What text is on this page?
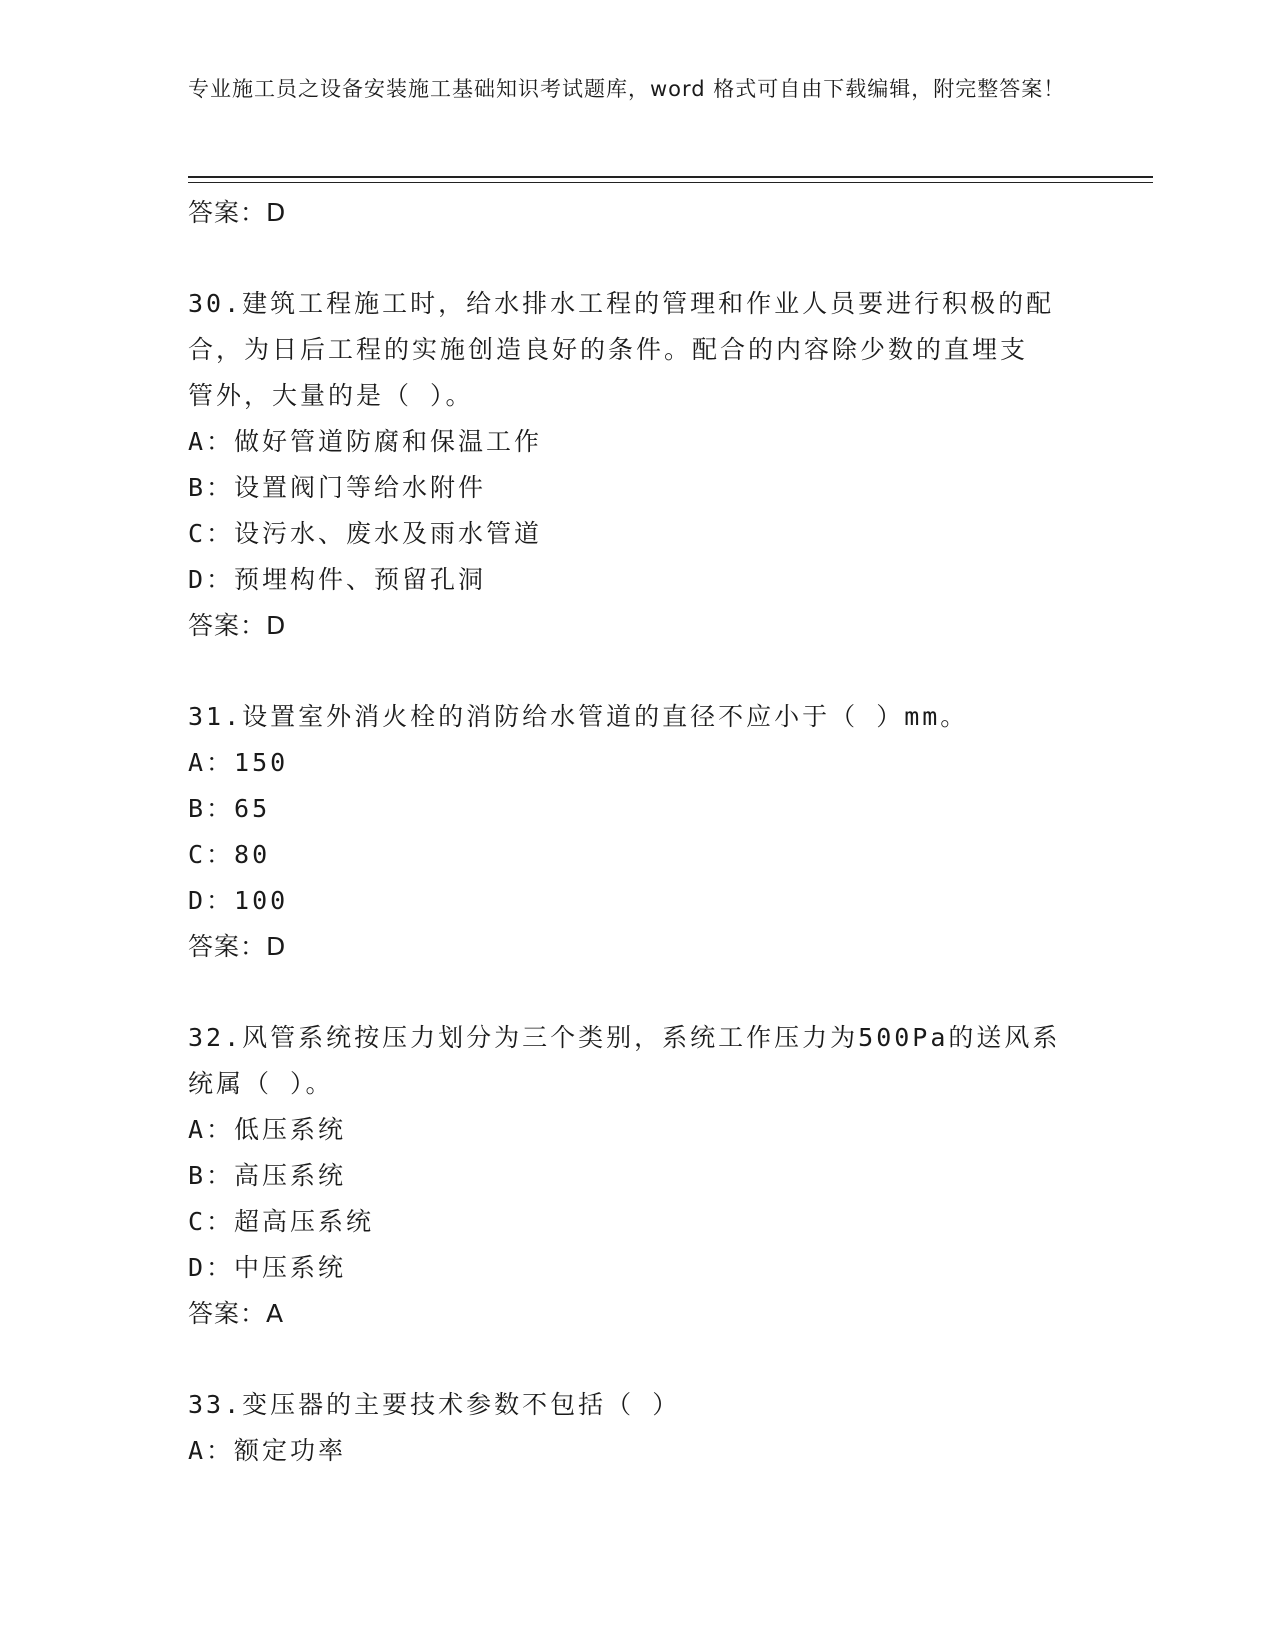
专业施工员之设备安装施工基础知识考试题库，word 格式可自由下载编辑，附完整答案！
答案：D
30.建筑工程施工时，给水排水工程的管理和作业人员要进行积极的配
合，为日后工程的实施创造良好的条件。配合的内容除少数的直埋支
管外，大量的是（ ）。
A：做好管道防腐和保温工作
B：设置阀门等给水附件
C：设污水、废水及雨水管道
D：预埋构件、预留孔洞
答案：D
31.设置室外消火栓的消防给水管道的直径不应小于（ ）mm。
A：150
B：65
C：80
D：100
答案：D
32.风管系统按压力划分为三个类别，系统工作压力为500Pa的送风系
统属（ ）。
A：低压系统
B：高压系统
C：超高压系统
D：中压系统
答案：A
33.变压器的主要技术参数不包括（ ）
A：额定功率
